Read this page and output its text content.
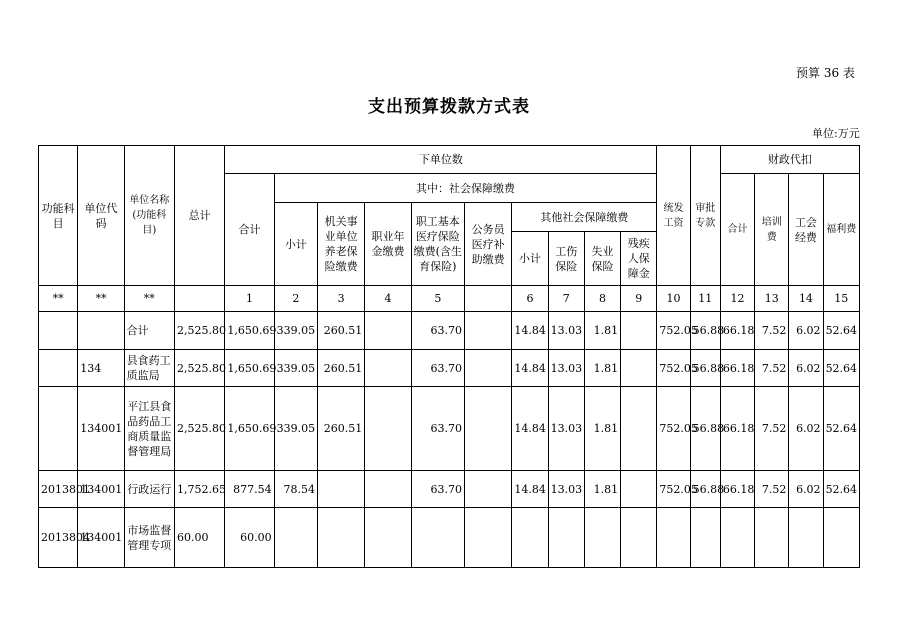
预算 36 表
支出预算拨款方式表
单位:万元
功能科目	单位代码	单位名称(功能科目)	总计	下单位数										统发工资	审批专款	财政代扣			
				合计	其中：社会保障缴费											合计	培训费	工会经费	福利费
					小计	机关事业单位养老保险缴费	职业年金缴费	职工基本医疗保险缴费(含生育保险)	公务员医疗补助缴费	其他社会保障缴费									
										小计	工伤保险	失业保险	残疾人保障金						
**	**	**		1	2	3	4	5		6	7	8	9	10	11	12	13	14	15
		合计	2,525.80	1,650.69	339.05	260.51		63.70		14.84	13.03	1.81		752.05	56.88	66.18	7.52	6.02	52.64
	134	县食药工质监局	2,525.80	1,650.69	339.05	260.51		63.70		14.84	13.03	1.81		752.05	56.88	66.18	7.52	6.02	52.64
	134001	平江县食品药品工商质量监督管理局	2,525.80	1,650.69	339.05	260.51		63.70		14.84	13.03	1.81		752.05	56.88	66.18	7.52	6.02	52.64
2013801	134001	行政运行	1,752.65	877.54	78.54			63.70		14.84	13.03	1.81		752.05	56.88	66.18	7.52	6.02	52.64
2013804	134001	市场监督管理专项	60.00	60.00															
